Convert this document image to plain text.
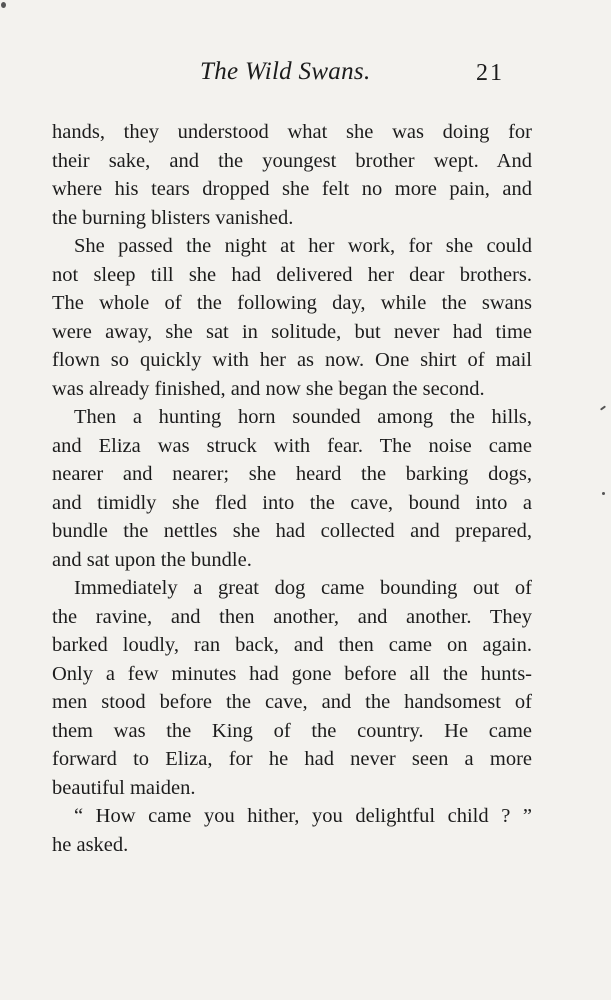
The Wild Swans.	21

hands, they understood what she was doing for
their sake, and the youngest brother wept. And
where his tears dropped she felt no more pain, and
the burning blisters vanished.

She passed the night at her work, for she could
not sleep till she had delivered her dear brothers.
The whole of the following day, while the swans
were away, she sat in solitude, but never had time
flown so quickly with her as now. One shirt of mail
was already finished, and now she began the second.

Then a hunting horn sounded among the hills,
and Eliza was struck with fear. The noise came
nearer and nearer; she heard the barking dogs,
and timidly she fled into the cave, bound into a
bundle the nettles she had collected and prepared,
and sat upon the bundle.

Immediately a great dog came bounding out of
the ravine, and then another, and another. They
barked loudly, ran back, and then came on again.
Only a few minutes had gone before all the hunts-
men stood before the cave, and the handsomest of
them was the King of the country. He came
forward to Eliza, for he had never seen a more
beautiful maiden.

“ How came you hither, you delightful child ? ”
he asked.
